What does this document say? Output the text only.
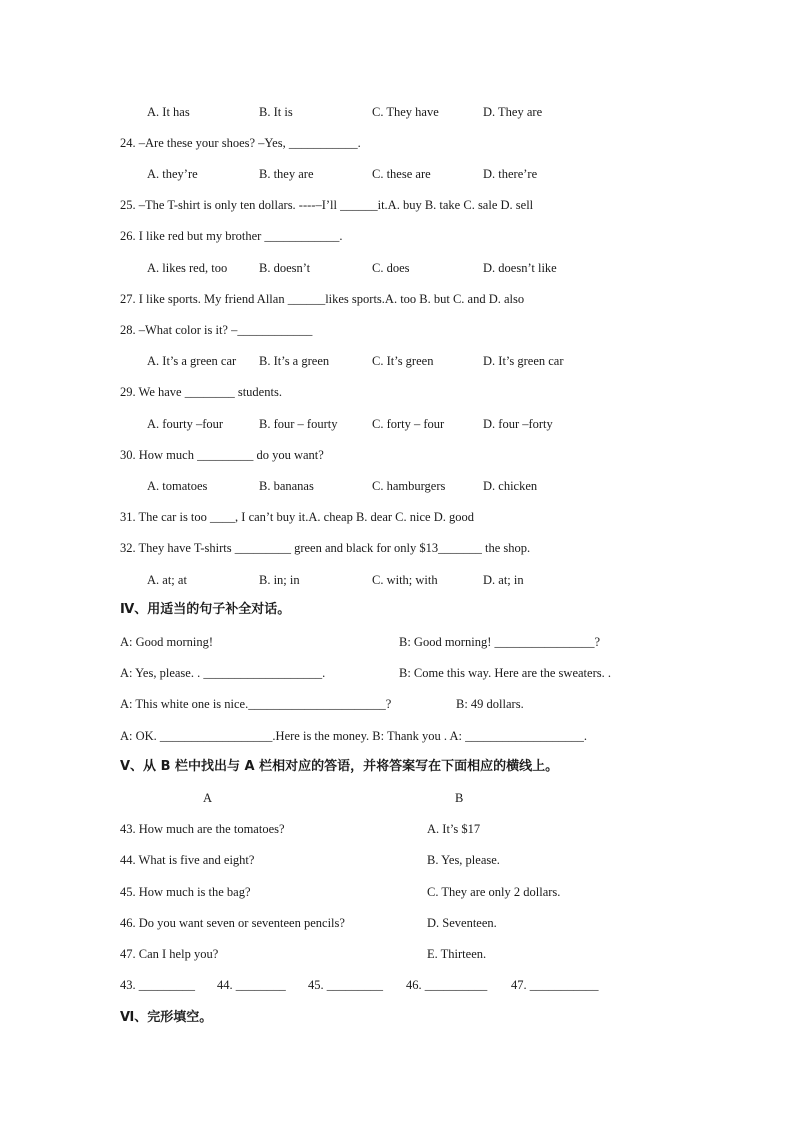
A. It has	B. It is	C. They have	D. They are
24. –Are these your shoes? –Yes, ___________.
A. they’re	B. they are	C. these are	D. there’re
25. –The T-shirt is only ten dollars. ----–I’ll ______it.A. buy B. take C. sale D. sell
26. I like red but my brother ____________.
A. likes red, too	B. doesn’t	C. does	D. doesn’t like
27. I like sports. My friend Allan ______likes sports.A. too B. but C. and D. also
28. –What color is it? –____________
A. It’s a green car B. It’s a green	C. It’s green	D. It’s green car
29. We have ________ students.
A. fourty –four	B. four – fourty	C. forty – four	D. four –forty
30. How much _________ do you want?
A. tomatoes	B. bananas	C. hamburgers	D. chicken
31. The car is too ____, I can’t buy it.A. cheap B. dear C. nice D. good
32. They have T-shirts _________ green and black for only $13_______ the shop.
A. at; at	B. in; in	C. with; with	D. at; in
Ⅳ、用适当的句子补全对话。
A: Good morning!	B: Good morning! ________________?
A: Yes, please. . ___________________.	B: Come this way. Here are the sweaters. .
A: This white one is nice.______________________?	B: 49 dollars.
A: OK. __________________.Here is the money. B: Thank you . A: ___________________.
Ⅴ、从 B 栏中找出与 A 栏相对应的答语，并将答案写在下面相应的横线上。
A	B
43. How much are the tomatoes?	A. It’s $17
44. What is five and eight?	B. Yes, please.
45. How much is the bag?	C. They are only 2 dollars.
46. Do you want seven or seventeen pencils?	D. Seventeen.
47. Can I help you?	E. Thirteen.
43. _________ 44. ________ 45. _________ 46. __________ 47. ___________
Ⅵ、完形填空。
